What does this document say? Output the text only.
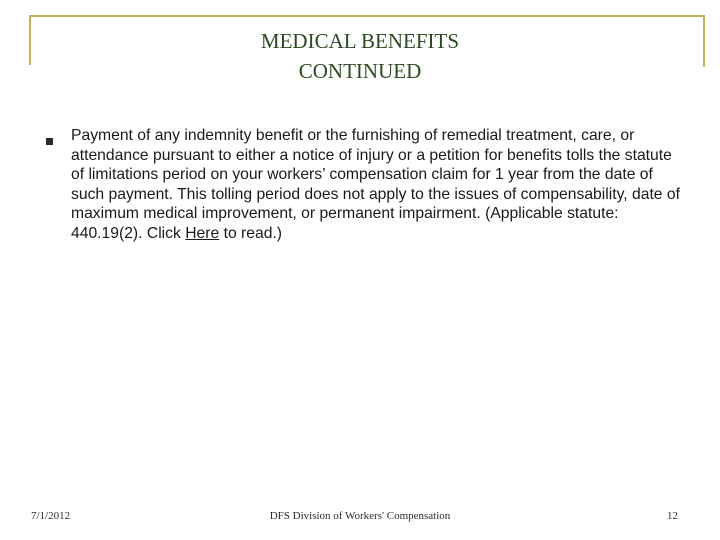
MEDICAL BENEFITS
CONTINUED
Payment of any indemnity benefit or the furnishing of remedial treatment, care, or attendance pursuant to either a notice of injury or a petition for benefits tolls the statute of limitations period on your workers’ compensation claim for 1 year from the date of such payment. This tolling period does not apply to the issues of compensability, date of maximum medical improvement, or permanent impairment. (Applicable statute: 440.19(2). Click Here to read.)
7/1/2012	DFS Division of Workers' Compensation	12
